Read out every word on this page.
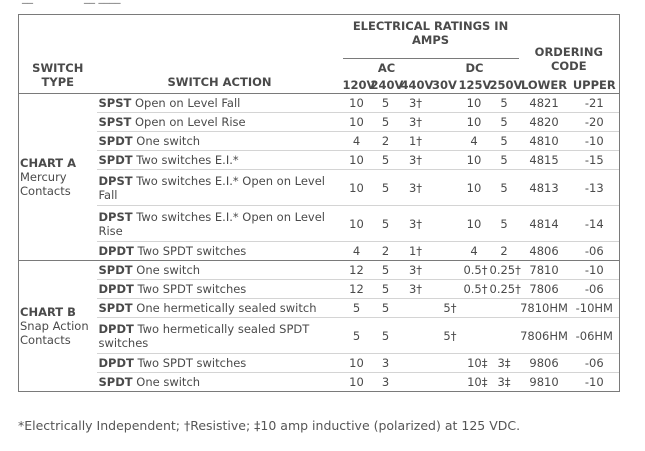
SWITCH
TYPE	SWITCH ACTION	ELECTRICAL RATINGS IN
AMPS						ORDERING
CODE	
		AC			DC				
		120V	240V	440V	30V	125V	250V	LOWER	UPPER

CHART A
Mercury
Contacts	SPST Open on Level Fall	10	5	3†		10	5	4821	-21
	SPST Open on Level Rise	10	5	3†		10	5	4820	-20
	SPDT One switch	4	2	1†		4	5	4810	-10
	SPDT Two switches E.I.*	10	5	3†		10	5	4815	-15
	DPST Two switches E.I.* Open on Level Fall	10	5	3†		10	5	4813	-13
	DPST Two switches E.I.* Open on Level Rise	10	5	3†		10	5	4814	-14
	DPDT Two SPDT switches	4	2	1†		4	2	4806	-06

CHART B
Snap Action
Contacts	SPDT One switch	12	5	3†		0.5†	0.25†	7810	-10
	DPDT Two SPDT switches	12	5	3†		0.5†	0.25†	7806	-06
	SPDT One hermetically sealed switch	5	5		5†			7810HM	-10HM
	DPDT Two hermetically sealed SPDT switches	5	5		5†			7806HM	-06HM
	DPDT Two SPDT switches	10	3			10‡	3‡	9806	-06
	SPDT One switch	10	3			10‡	3‡	9810	-10
*Electrically Independent; †Resistive; ‡10 amp inductive (polarized) at 125 VDC.
